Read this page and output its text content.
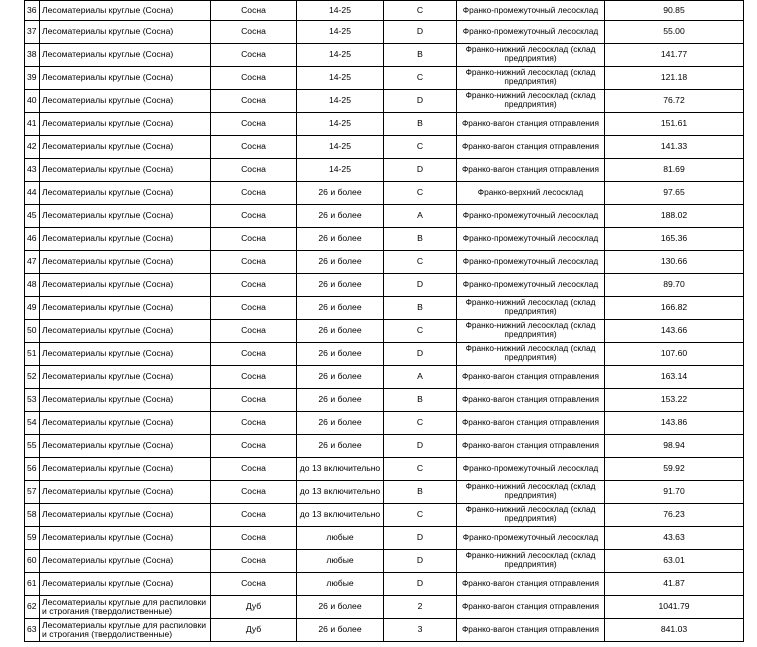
36	Лесоматериалы круглые (Сосна)	Сосна	14-25	C	Франко-промежуточный лесосклад	90.85
37	Лесоматериалы круглые (Сосна)	Сосна	14-25	D	Франко-промежуточный лесосклад	55.00
38	Лесоматериалы круглые (Сосна)	Сосна	14-25	B	Франко-нижний лесосклад (склад предприятия)	141.77
39	Лесоматериалы круглые (Сосна)	Сосна	14-25	C	Франко-нижний лесосклад (склад предприятия)	121.18
40	Лесоматериалы круглые (Сосна)	Сосна	14-25	D	Франко-нижний лесосклад (склад предприятия)	76.72
41	Лесоматериалы круглые (Сосна)	Сосна	14-25	B	Франко-вагон станция отправления	151.61
42	Лесоматериалы круглые (Сосна)	Сосна	14-25	C	Франко-вагон станция отправления	141.33
43	Лесоматериалы круглые (Сосна)	Сосна	14-25	D	Франко-вагон станция отправления	81.69
44	Лесоматериалы круглые (Сосна)	Сосна	26 и более	C	Франко-верхний лесосклад	97.65
45	Лесоматериалы круглые (Сосна)	Сосна	26 и более	A	Франко-промежуточный лесосклад	188.02
46	Лесоматериалы круглые (Сосна)	Сосна	26 и более	B	Франко-промежуточный лесосклад	165.36
47	Лесоматериалы круглые (Сосна)	Сосна	26 и более	C	Франко-промежуточный лесосклад	130.66
48	Лесоматериалы круглые (Сосна)	Сосна	26 и более	D	Франко-промежуточный лесосклад	89.70
49	Лесоматериалы круглые (Сосна)	Сосна	26 и более	B	Франко-нижний лесосклад (склад предприятия)	166.82
50	Лесоматериалы круглые (Сосна)	Сосна	26 и более	C	Франко-нижний лесосклад (склад предприятия)	143.66
51	Лесоматериалы круглые (Сосна)	Сосна	26 и более	D	Франко-нижний лесосклад (склад предприятия)	107.60
52	Лесоматериалы круглые (Сосна)	Сосна	26 и более	A	Франко-вагон станция отправления	163.14
53	Лесоматериалы круглые (Сосна)	Сосна	26 и более	B	Франко-вагон станция отправления	153.22
54	Лесоматериалы круглые (Сосна)	Сосна	26 и более	C	Франко-вагон станция отправления	143.86
55	Лесоматериалы круглые (Сосна)	Сосна	26 и более	D	Франко-вагон станция отправления	98.94
56	Лесоматериалы круглые (Сосна)	Сосна	до 13 включительно	C	Франко-промежуточный лесосклад	59.92
57	Лесоматериалы круглые (Сосна)	Сосна	до 13 включительно	B	Франко-нижний лесосклад (склад предприятия)	91.70
58	Лесоматериалы круглые (Сосна)	Сосна	до 13 включительно	C	Франко-нижний лесосклад (склад предприятия)	76.23
59	Лесоматериалы круглые (Сосна)	Сосна	любые	D	Франко-промежуточный лесосклад	43.63
60	Лесоматериалы круглые (Сосна)	Сосна	любые	D	Франко-нижний лесосклад (склад предприятия)	63.01
61	Лесоматериалы круглые (Сосна)	Сосна	любые	D	Франко-вагон станция отправления	41.87
62	Лесоматериалы круглые для распиловки и строгания (твердолиственные)	Дуб	26 и более	2	Франко-вагон станция отправления	1041.79
63	Лесоматериалы круглые для распиловки и строгания (твердолиственные)	Дуб	26 и более	3	Франко-вагон станция отправления	841.03
